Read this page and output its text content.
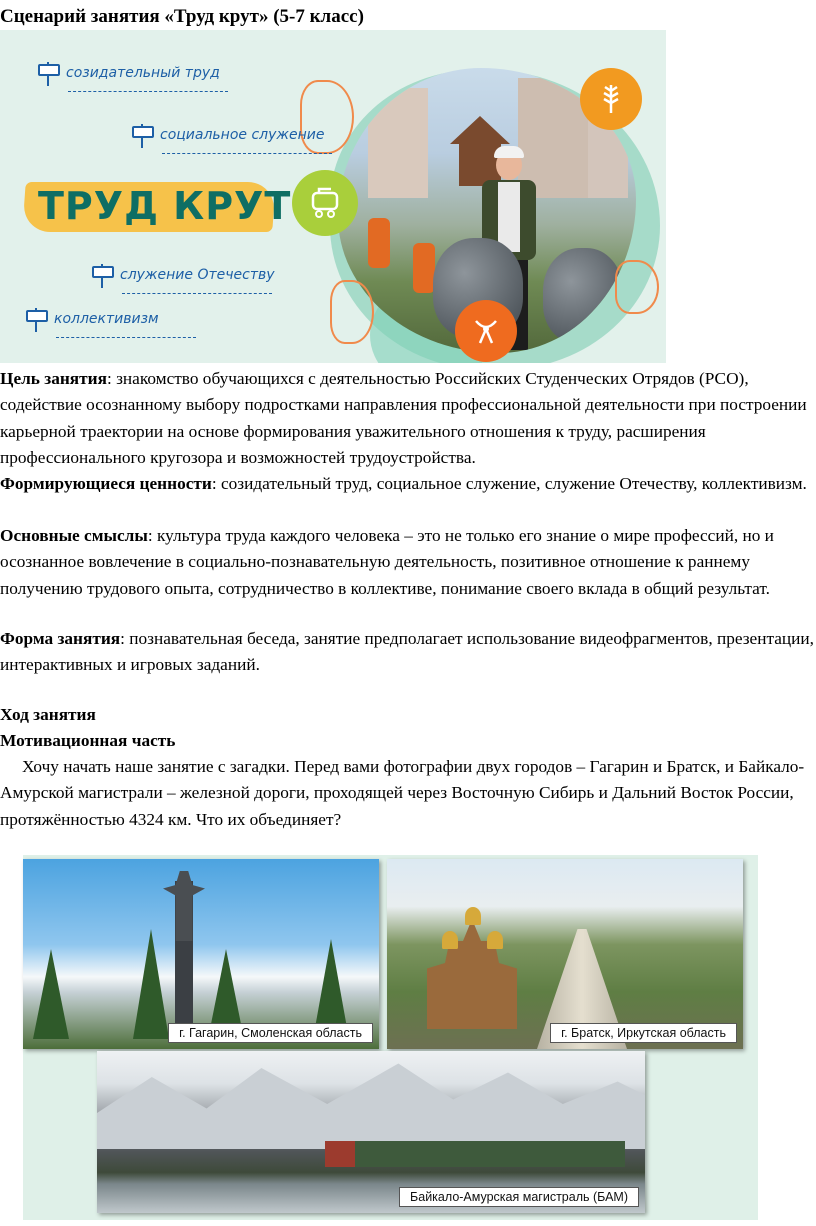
Сценарий занятия «Труд крут» (5-7 класс)
ТРУД КРУТ
созидательный труд
социальное служение
служение Отечеству
коллективизм
Цель занятия: знакомство обучающихся с деятельностью Российских Студенческих Отрядов (РСО), содействие осознанному выбору подростками направления профессиональной деятельности при построении карьерной траектории на основе формирования уважительного отношения к труду, расширения профессионального кругозора и возможностей трудоустройства.
Формирующиеся ценности: созидательный труд, социальное служение, служение Отечеству, коллективизм.
Основные смыслы: культура труда каждого человека – это не только его знание о мире профессий, но и осознанное вовлечение в социально-познавательную деятельность, позитивное отношение к раннему получению трудового опыта, сотрудничество в коллективе, понимание своего вклада в общий результат.
Форма занятия: познавательная беседа, занятие предполагает использование видеофрагментов, презентации, интерактивных и игровых заданий.
Ход занятия
Мотивационная часть
Хочу начать наше занятие с загадки. Перед вами фотографии двух городов – Гагарин и Братск, и Байкало-Амурской магистрали – железной дороги, проходящей через Восточную Сибирь и Дальний Восток России, протяжённостью 4324 км. Что их объединяет?
г. Гагарин, Смоленская область	г. Братск, Иркутская область
Байкало-Амурская магистраль (БАМ)
